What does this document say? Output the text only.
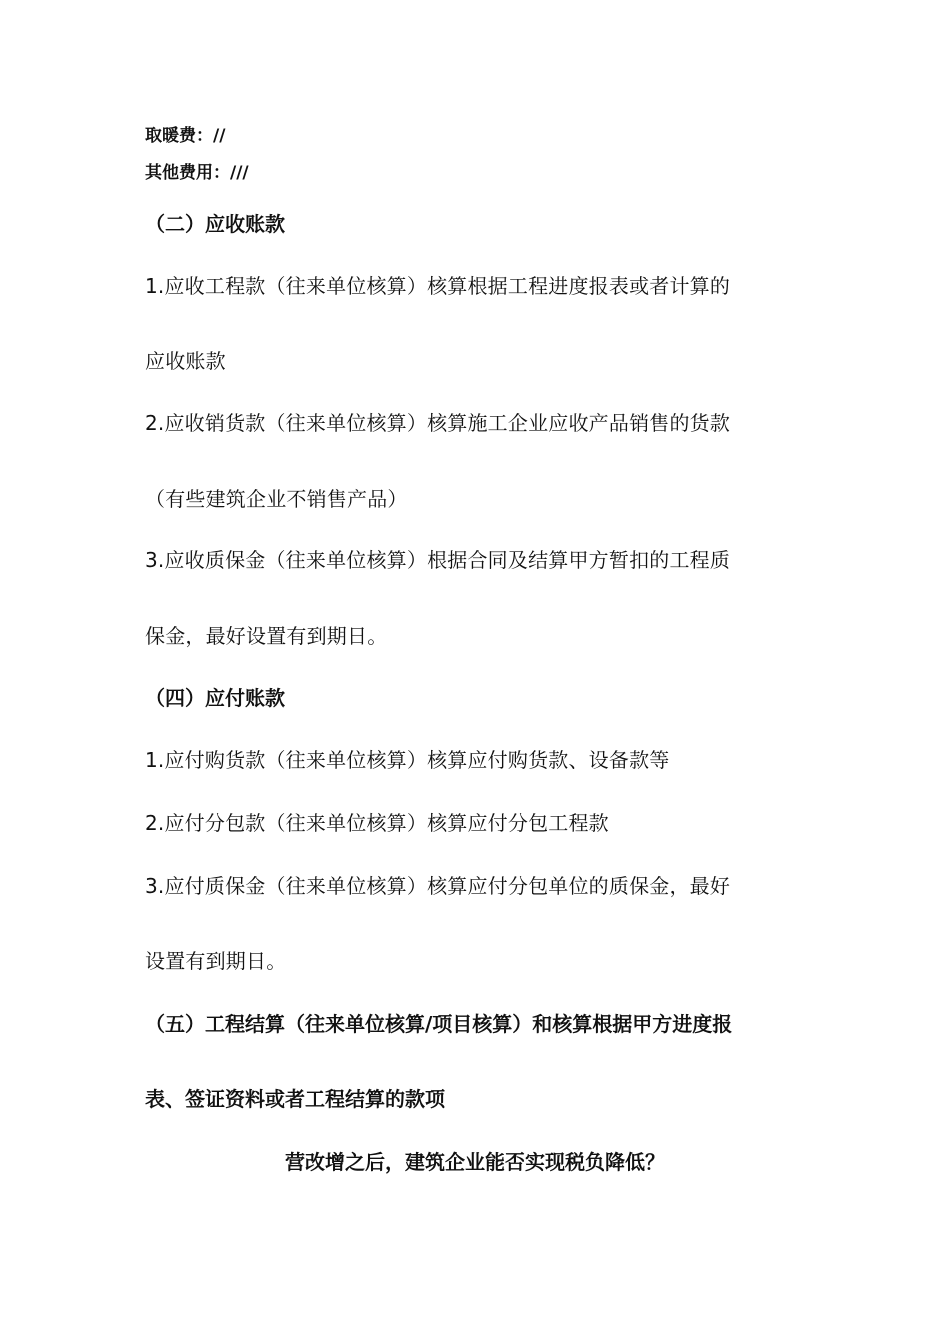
取暖费：//

其他费用：///

（二）应收账款

1.应收工程款（往来单位核算）核算根据工程进度报表或者计算的

应收账款

2.应收销货款（往来单位核算）核算施工企业应收产品销售的货款

（有些建筑企业不销售产品）

3.应收质保金（往来单位核算）根据合同及结算甲方暂扣的工程质

保金，最好设置有到期日。

（四）应付账款

1.应付购货款（往来单位核算）核算应付购货款、设备款等

2.应付分包款（往来单位核算）核算应付分包工程款

3.应付质保金（往来单位核算）核算应付分包单位的质保金，最好

设置有到期日。

（五）工程结算（往来单位核算/项目核算）和核算根据甲方进度报

表、签证资料或者工程结算的款项

营改增之后，建筑企业能否实现税负降低？
